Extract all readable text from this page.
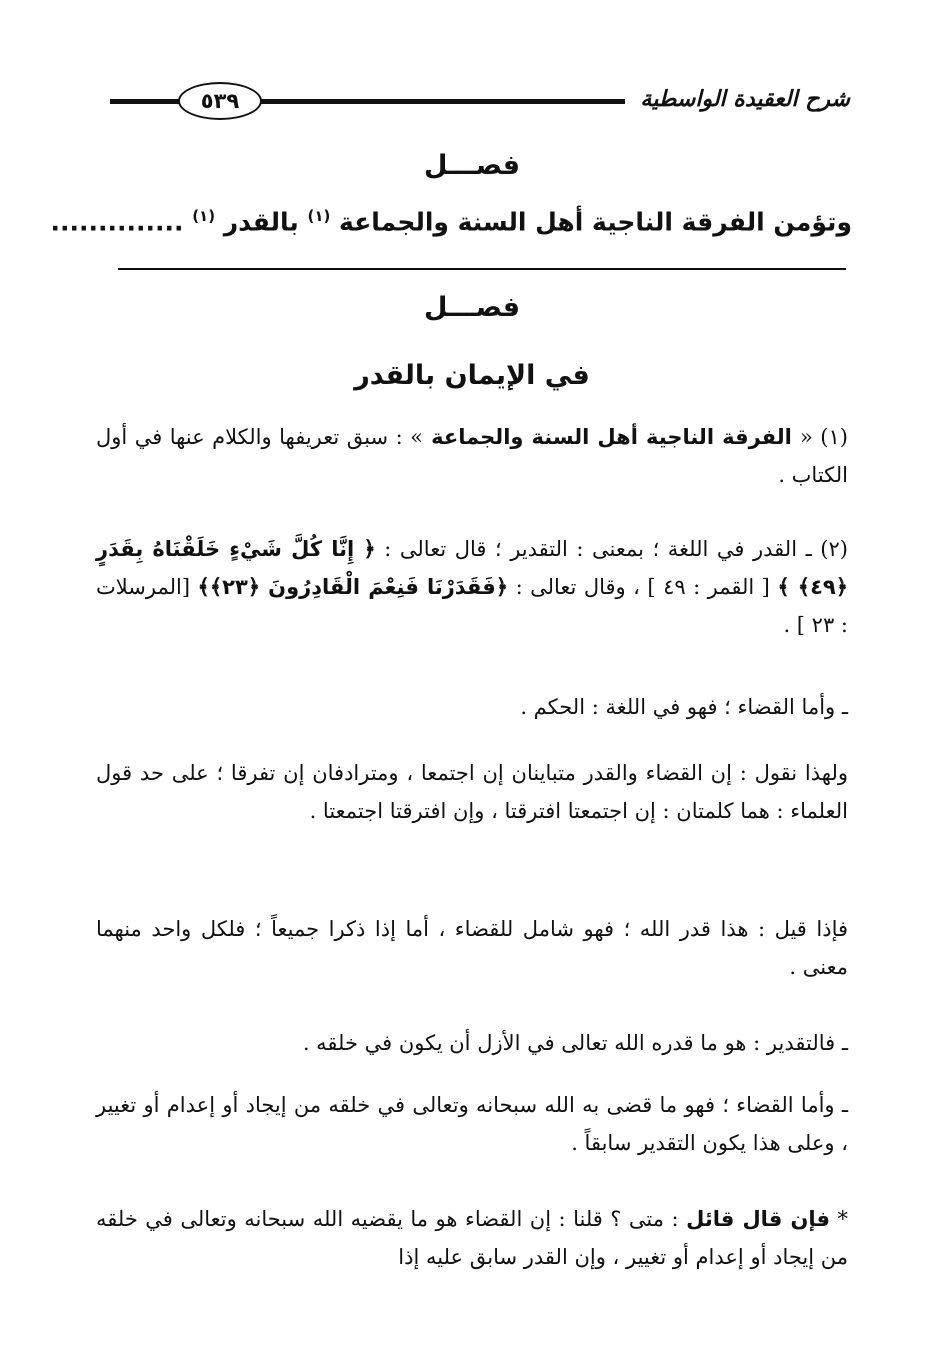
شرح العقيدة الواسطية
٥٣٩
فصـــل
وتؤمن الفرقة الناجية أهل السنة والجماعة $^{(١)}$ بالقدر $^{(١)}$ ..............
فصـــل
في الإيمان بالقدر
(١) « الفرقة الناجية أهل السنة والجماعة » : سبق تعريفها والكلام عنها في أول الكتاب .
(٢) ـ القدر في اللغة ؛ بمعنى : التقدير ؛ قال تعالى : ﴿ إِنَّا كُلَّ شَيْءٍ خَلَقْنَاهُ بِقَدَرٍ ﴿٤٩﴾ ﴾ [ القمر : ٤٩ ] ، وقال تعالى : ﴿فَقَدَرْنَا فَنِعْمَ الْقَادِرُونَ ﴿٢٣﴾﴾ [المرسلات : ٢٣ ] .
ـ وأما القضاء ؛ فهو في اللغة : الحكم .
ولهذا نقول : إن القضاء والقدر متباينان إن اجتمعا ، ومترادفان إن تفرقا ؛ على حد قول العلماء : هما كلمتان : إن اجتمعتا افترقتا ، وإن افترقتا اجتمعتا .
فإذا قيل : هذا قدر الله ؛ فهو شامل للقضاء ، أما إذا ذكرا جميعاً ؛ فلكل واحد منهما معنى .
ـ فالتقدير : هو ما قدره الله تعالى في الأزل أن يكون في خلقه .
ـ وأما القضاء ؛ فهو ما قضى به الله سبحانه وتعالى في خلقه من إيجاد أو إعدام أو تغيير ، وعلى هذا يكون التقدير سابقاً .
* فإن قال قائل : متى ؟ قلنا : إن القضاء هو ما يقضيه الله سبحانه وتعالى في خلقه من إيجاد أو إعدام أو تغيير ، وإن القدر سابق عليه إذا
